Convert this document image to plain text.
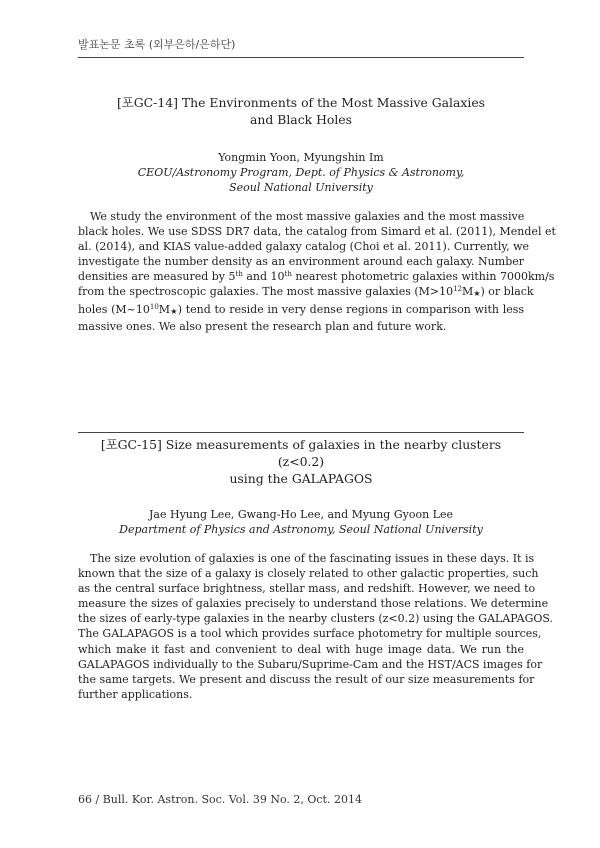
발표논문 초록 (외부은하/은하단)

[포GC-14] The Environments of the Most Massive Galaxies
and Black Holes

Yongmin Yoon, Myungshin Im

CEOU/Astronomy Program, Dept. of Physics & Astronomy,
Seoul National University

We study the environment of the most massive galaxies and the most massive
black holes. We use SDSS DR7 data, the catalog from Simard et al. (2011), Mendel et
al. (2014), and KIAS value-added galaxy catalog (Choi et al. 2011). Currently, we
investigate the number density as an environment around each galaxy. Number
densities are measured by 5th and 10th nearest photometric galaxies within 7000km/s
from the spectroscopic galaxies. The most massive galaxies $(M>10^{12}M★)$ or black
holes $(M\sim 10^{10}M★)$ tend to reside in very dense regions in comparison with less
massive ones. We also present the research plan and future work.

[포GC-15] Size measurements of galaxies in the nearby clusters (z<0.2)
using the GALAPAGOS

Jae Hyung Lee, Gwang-Ho Lee, and Myung Gyoon Lee

Department of Physics and Astronomy, Seoul National University

The size evolution of galaxies is one of the fascinating issues in these days. It is
known that the size of a galaxy is closely related to other galactic properties, such
as the central surface brightness, stellar mass, and redshift. However, we need to
measure the sizes of galaxies precisely to understand those relations. We determine
the sizes of early-type galaxies in the nearby clusters (z<0.2) using the GALAPAGOS.
The GALAPAGOS is a tool which provides surface photometry for multiple sources,
which make it fast and convenient to deal with huge image data. We run the
GALAPAGOS individually to the Subaru/Suprime-Cam and the HST/ACS images for
the same targets. We present and discuss the result of our size measurements for
further applications.
66 / Bull. Kor. Astron. Soc. Vol. 39 No. 2, Oct. 2014
